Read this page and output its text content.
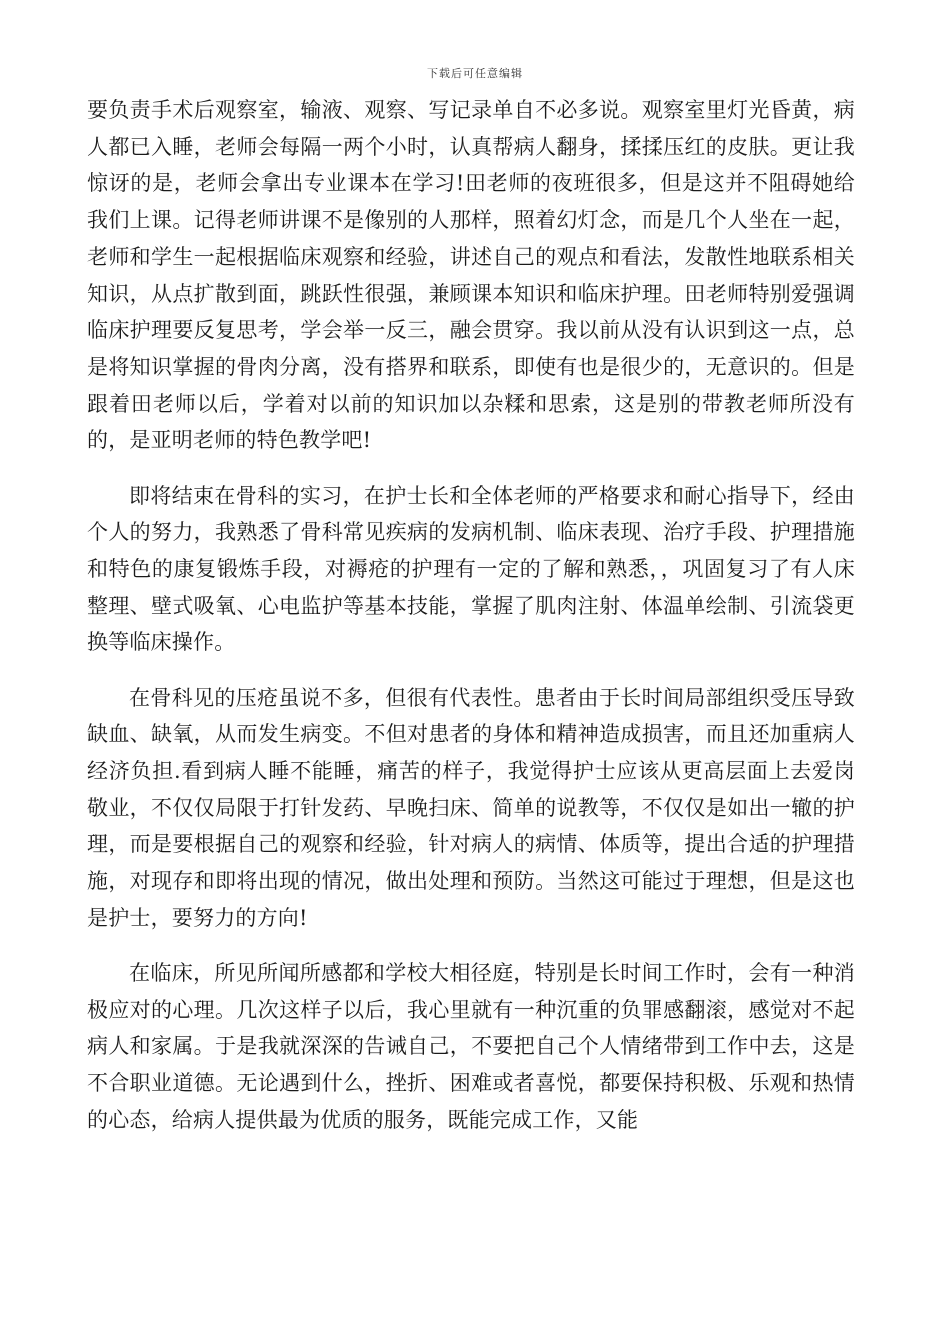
下载后可任意编辑

要负责手术后观察室，输液、观察、写记录单自不必多说。观察室里灯光昏黄，病人都已入睡，老师会每隔一两个小时，认真帮病人翻身，揉揉压红的皮肤。更让我惊讶的是，老师会拿出专业课本在学习!田老师的夜班很多，但是这并不阻碍她给我们上课。记得老师讲课不是像别的人那样，照着幻灯念，而是几个人坐在一起，老师和学生一起根据临床观察和经验，讲述自己的观点和看法，发散性地联系相关知识，从点扩散到面，跳跃性很强，兼顾课本知识和临床护理。田老师特别爱强调临床护理要反复思考，学会举一反三，融会贯穿。我以前从没有认识到这一点，总是将知识掌握的骨肉分离，没有搭界和联系，即使有也是很少的，无意识的。但是跟着田老师以后，学着对以前的知识加以杂糅和思索，这是别的带教老师所没有的，是亚明老师的特色教学吧!

即将结束在骨科的实习，在护士长和全体老师的严格要求和耐心指导下，经由个人的努力，我熟悉了骨科常见疾病的发病机制、临床表现、治疗手段、护理措施和特色的康复锻炼手段，对褥疮的护理有一定的了解和熟悉，，巩固复习了有人床整理、壁式吸氧、心电监护等基本技能，掌握了肌肉注射、体温单绘制、引流袋更换等临床操作。

在骨科见的压疮虽说不多，但很有代表性。患者由于长时间局部组织受压导致缺血、缺氧，从而发生病变。不但对患者的身体和精神造成损害，而且还加重病人经济负担.看到病人睡不能睡，痛苦的样子，我觉得护士应该从更高层面上去爱岗敬业，不仅仅局限于打针发药、早晚扫床、简单的说教等，不仅仅是如出一辙的护理，而是要根据自己的观察和经验，针对病人的病情、体质等，提出合适的护理措施，对现存和即将出现的情况，做出处理和预防。当然这可能过于理想，但是这也是护士，要努力的方向!

在临床，所见所闻所感都和学校大相径庭，特别是长时间工作时，会有一种消极应对的心理。几次这样子以后，我心里就有一种沉重的负罪感翻滚，感觉对不起病人和家属。于是我就深深的告诫自己，不要把自己个人情绪带到工作中去，这是不合职业道德。无论遇到什么，挫折、困难或者喜悦，都要保持积极、乐观和热情的心态，给病人提供最为优质的服务，既能完成工作，又能
